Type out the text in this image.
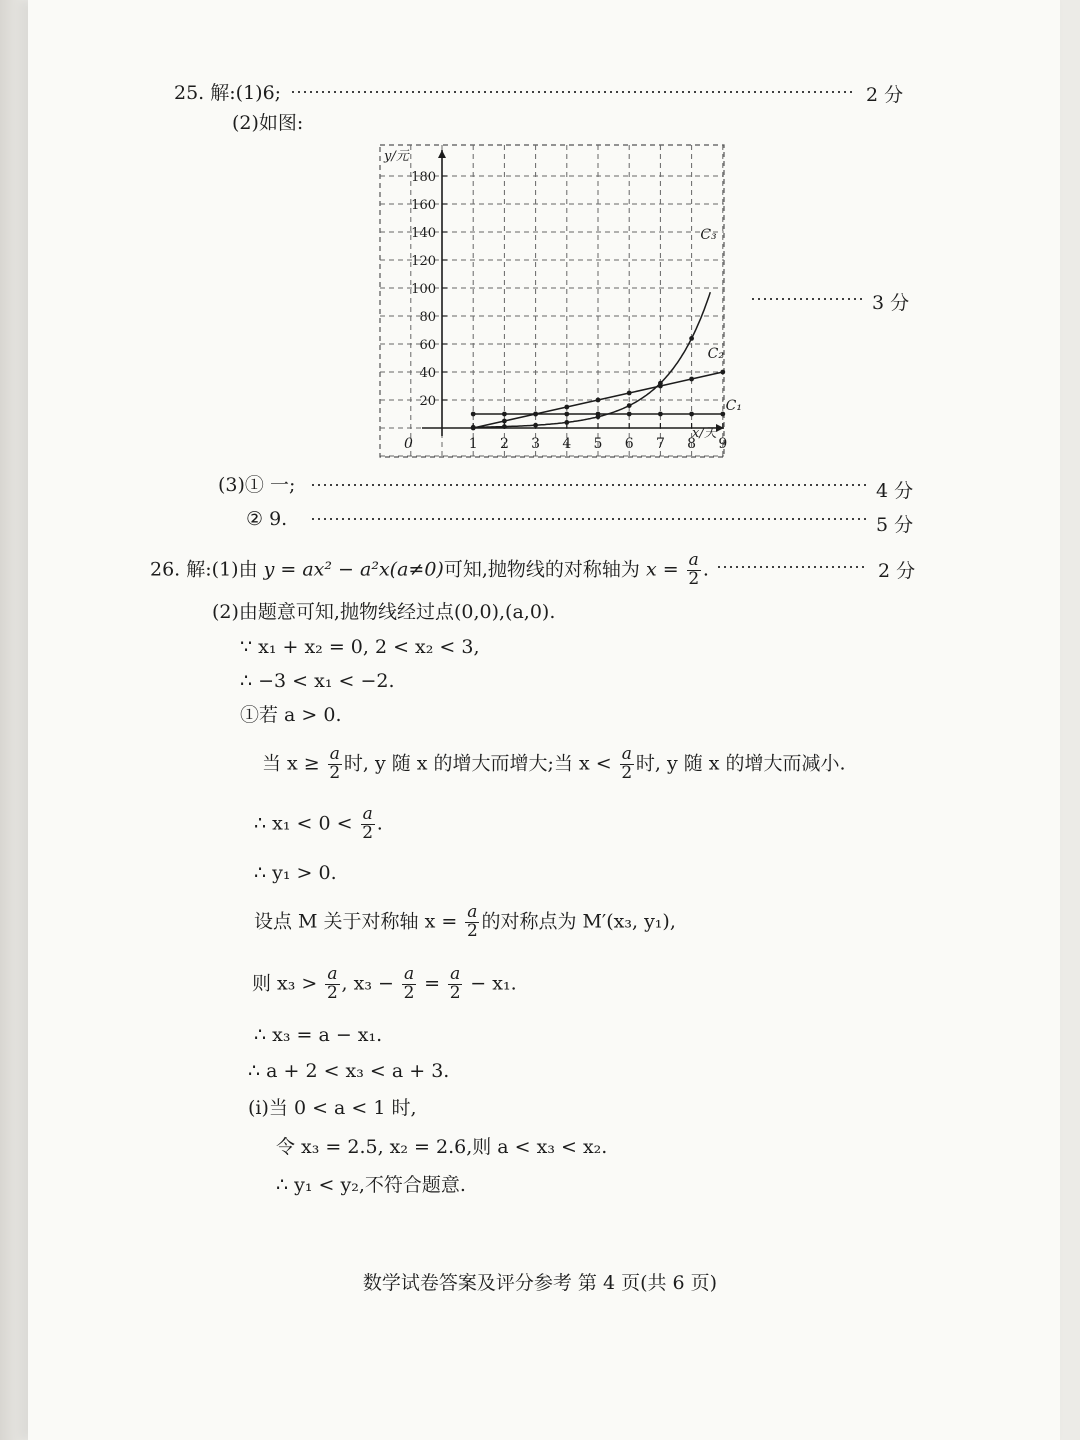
25. 解:(1)6;	2 分
(2)如图:
1 2 3 4 5 6 7 8 9
20
40
60
80
100
120
140
160
180
0
y/元
x/天
C₁
C₂
C₃
3 分
(3)① 一;	4 分
② 9.	5 分
26. 解:(1)由 y = ax² − a²x(a≠0)可知,抛物线的对称轴为 $x = \frac{a}{2}$ .	2 分
(2)由题意可知,抛物线经过点(0,0),(a,0).
∵ x₁ + x₂ = 0, 2 < x₂ < 3,
∴ −3 < x₁ < −2.
①若 a > 0.
当 $x \ge \frac{a}{2}$ 时, y 随 x 的增大而增大;当 $x < \frac{a}{2}$ 时, y 随 x 的增大而减小.
∴ $x_1 < 0 < \frac{a}{2}$ .
∴ y₁ > 0.
设点 M 关于对称轴 $x = \frac{a}{2}$ 的对称点为 M′(x₃, y₁),
则 $x_3 > \frac{a}{2}$ , $x_3 - \frac{a}{2} = \frac{a}{2} - x_1$.
∴ x₃ = a − x₁.
∴ a + 2 < x₃ < a + 3.
(i)当 0 < a < 1 时,
令 x₃ = 2.5, x₂ = 2.6,则 a < x₃ < x₂.
∴ y₁ < y₂,不符合题意.
数学试卷答案及评分参考 第 4 页(共 6 页)
